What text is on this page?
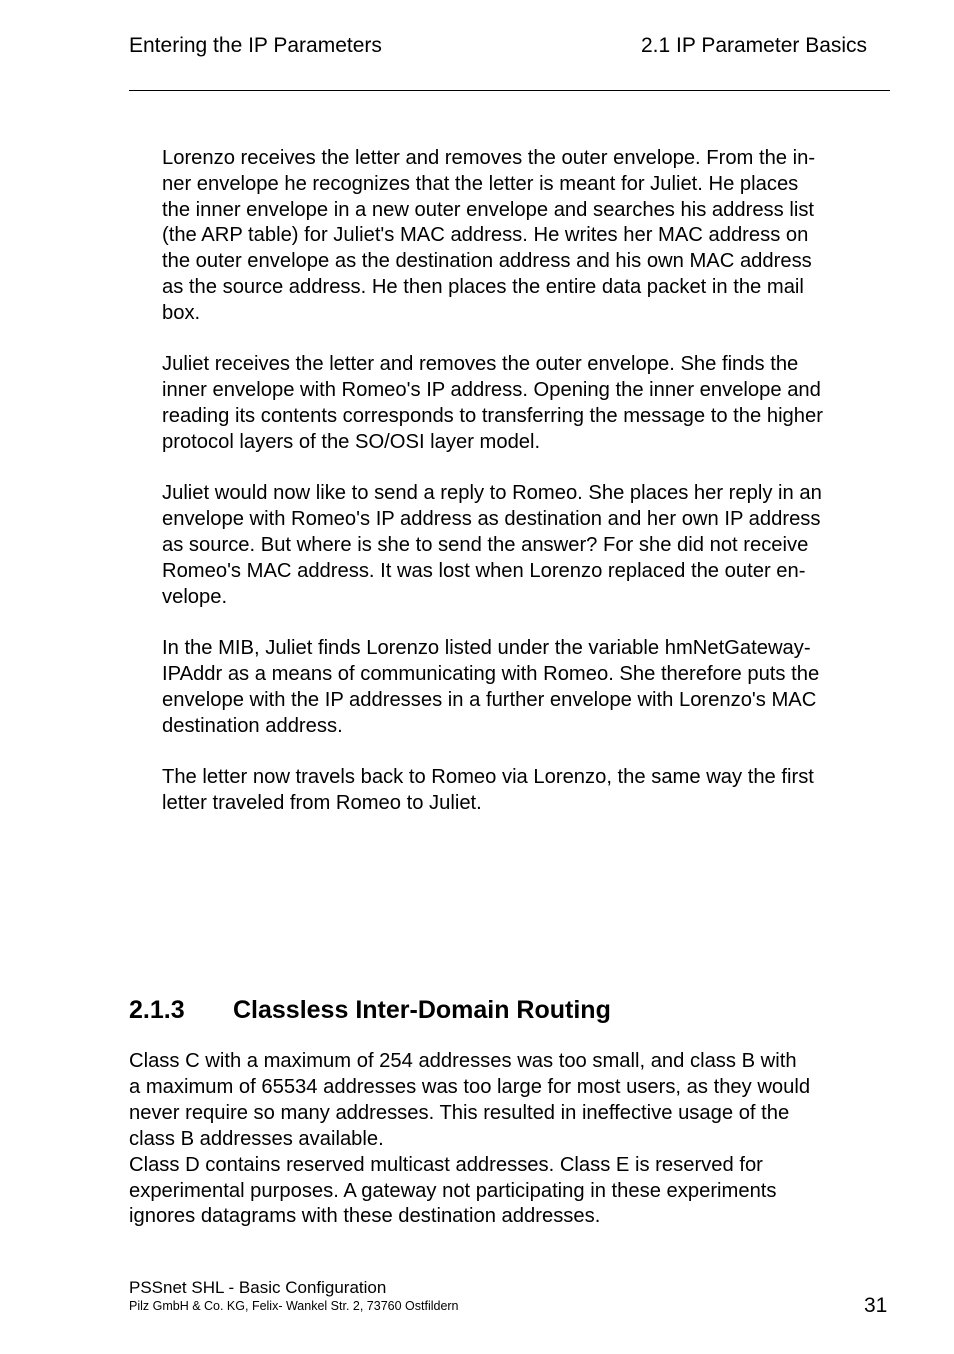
Entering the IP Parameters	2.1 IP Parameter Basics

Lorenzo receives the letter and removes the outer envelope. From the in-

ner envelope he recognizes that the letter is meant for Juliet. He places

the inner envelope in a new outer envelope and searches his address list

(the ARP table) for Juliet's MAC address. He writes her MAC address on

the outer envelope as the destination address and his own MAC address

as the source address. He then places the entire data packet in the mail

box.

Juliet receives the letter and removes the outer envelope. She finds the

inner envelope with Romeo's IP address. Opening the inner envelope and

reading its contents corresponds to transferring the message to the higher

protocol layers of the SO/OSI layer model.

Juliet would now like to send a reply to Romeo. She places her reply in an

envelope with Romeo's IP address as destination and her own IP address

as source. But where is she to send the answer? For she did not receive

Romeo's MAC address. It was lost when Lorenzo replaced the outer en-

velope.

In the MIB, Juliet finds Lorenzo listed under the variable hmNetGateway-

IPAddr as a means of communicating with Romeo. She therefore puts the

envelope with the IP addresses in a further envelope with Lorenzo's MAC

destination address.

The letter now travels back to Romeo via Lorenzo, the same way the first

letter traveled from Romeo to Juliet.

2.1.3 Classless Inter-Domain Routing

Class C with a maximum of 254 addresses was too small, and class B with

a maximum of 65534 addresses was too large for most users, as they would

never require so many addresses. This resulted in ineffective usage of the

class B addresses available.

Class D contains reserved multicast addresses. Class E is reserved for

experimental purposes. A gateway not participating in these experiments

ignores datagrams with these destination addresses.

PSSnet SHL - Basic Configuration
Pilz GmbH & Co. KG, Felix- Wankel Str. 2, 73760 Ostfildern	31
